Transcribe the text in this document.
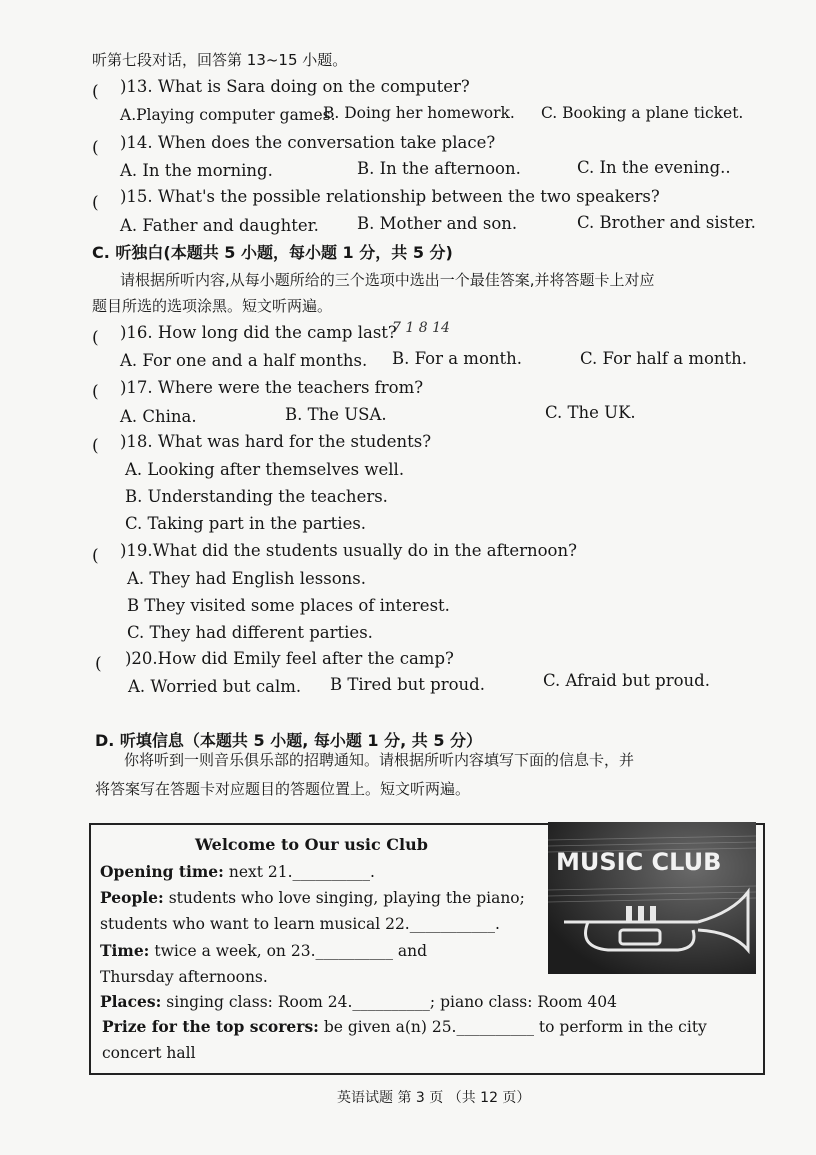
听第七段对话，回答第 13~15 小题。
( )13. What is Sara doing on the computer?
A.Playing computer games.
B. Doing her homework. C. Booking a plane ticket.
( )14. When does the conversation take place?
A. In the morning.	B. In the afternoon.	C. In the evening..
( )15. What's the possible relationship between the two speakers?
A. Father and daughter. B. Mother and son.	C. Brother and sister.
C. 听独白(本题共 5 小题，每小题 1 分，共 5 分)
请根据所听内容,从每小题所给的三个选项中选出一个最佳答案,并将答题卡上对应
题目所选的选项涂黑。短文听两遍。
( )16. How long did the camp last?
7 1 8 14
A. For one and a half months. B. For a month.	C. For half a month.
( )17. Where were the teachers from?
A. China.	B. The USA.	C. The UK.
( )18. What was hard for the students?
A. Looking after themselves well.
B. Understanding the teachers.
C. Taking part in the parties.
( )19.What did the students usually do in the afternoon?
A. They had English lessons.
B They visited some places of interest.
C. They had different parties.
( )20.How did Emily feel after the camp?
A. Worried but calm. B Tired but proud.	C. Afraid but proud.
D. 听填信息（本题共 5 小题, 每小题 1 分, 共 5 分）
你将听到一则音乐俱乐部的招聘通知。请根据所听内容填写下面的信息卡，并
将答案写在答题卡对应题目的答题位置上。短文听两遍。
Welcome to Our usic Club
Opening time: next 21.__________.
People: students who love singing, playing the piano;
students who want to learn musical 22.___________.
Time: twice a week, on 23.__________ and
Thursday afternoons.
Places: singing class: Room 24.__________; piano class: Room 404
Prize for the top scorers: be given a(n) 25.__________ to perform in the city
concert hall
MUSIC CLUB
英语试题 第 3 页 （共 12 页）
